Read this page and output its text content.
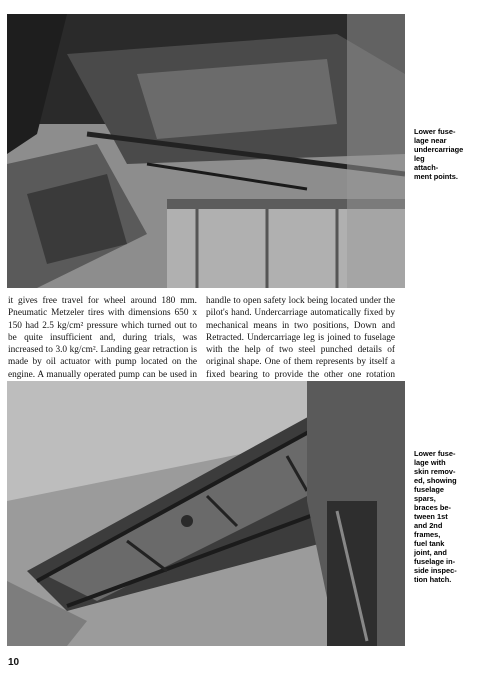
Lower fuse-
lage near
undercarriage
leg
attach-
ment points.

it gives free travel for wheel around 180 mm. Pneumatic Metzeler tires with dimensions 650 x 150 had 2.5 kg/cm² pressure which turned out to be quite insufficient and, during trials, was increased to 3.0 kg/cm². Landing gear retraction is made by oil actuator with pump located on the engine. A manually operated pump can be used in

handle to open safety lock being located under the pilot's hand. Undercarriage automatically fixed by mechanical means in two positions, Down and Retracted. Undercarriage leg is joined to fuselage with the help of two steel punched details of original shape. One of them represents by itself a fixed bearing to provide the other one rotation

Lower fuse-
lage with
skin remov-
ed, showing
fuselage
spars,
braces be-
tween 1st
and 2nd
frames,
fuel tank
joint, and
fuselage in-
side inspec-
tion hatch.
10
